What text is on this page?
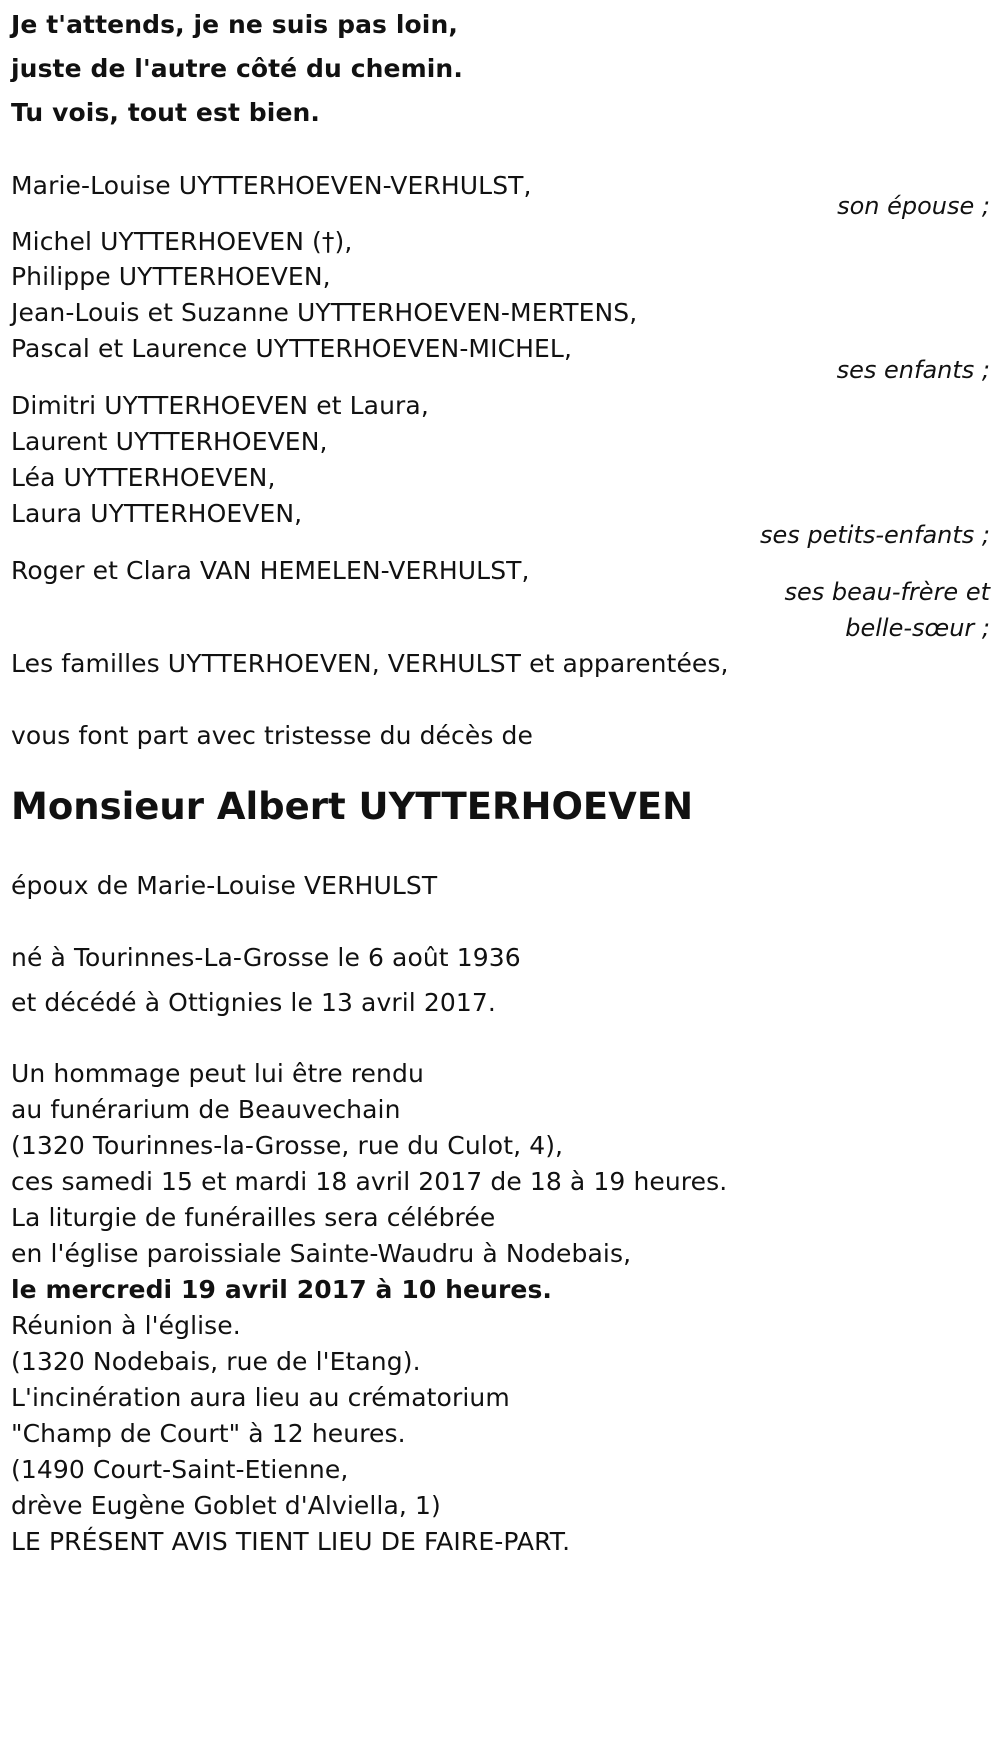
Je t'attends, je ne suis pas loin,
juste de l'autre côté du chemin.
Tu vois, tout est bien.
Marie-Louise UYTTERHOEVEN-VERHULST,
son épouse ;
Michel UYTTERHOEVEN (†),
Philippe UYTTERHOEVEN,
Jean-Louis et Suzanne UYTTERHOEVEN-MERTENS,
Pascal et Laurence UYTTERHOEVEN-MICHEL,
ses enfants ;
Dimitri UYTTERHOEVEN et Laura,
Laurent UYTTERHOEVEN,
Léa UYTTERHOEVEN,
Laura UYTTERHOEVEN,
ses petits-enfants ;
Roger et Clara VAN HEMELEN-VERHULST,
ses beau-frère et
belle-sœur ;
Les familles UYTTERHOEVEN, VERHULST et apparentées,
vous font part avec tristesse du décès de
Monsieur Albert UYTTERHOEVEN
époux de Marie-Louise VERHULST
né à Tourinnes-La-Grosse le 6 août 1936
et décédé à Ottignies le 13 avril 2017.
Un hommage peut lui être rendu
au funérarium de Beauvechain
(1320 Tourinnes-la-Grosse, rue du Culot, 4),
ces samedi 15 et mardi 18 avril 2017 de 18 à 19 heures.
La liturgie de funérailles sera célébrée
en l'église paroissiale Sainte-Waudru à Nodebais,
le mercredi 19 avril 2017 à 10 heures.
Réunion à l'église.
(1320 Nodebais, rue de l'Etang).
L'incinération aura lieu au crématorium
"Champ de Court" à 12 heures.
(1490 Court-Saint-Etienne,
drève Eugène Goblet d'Alviella, 1)
LE PRÉSENT AVIS TIENT LIEU DE FAIRE-PART.
